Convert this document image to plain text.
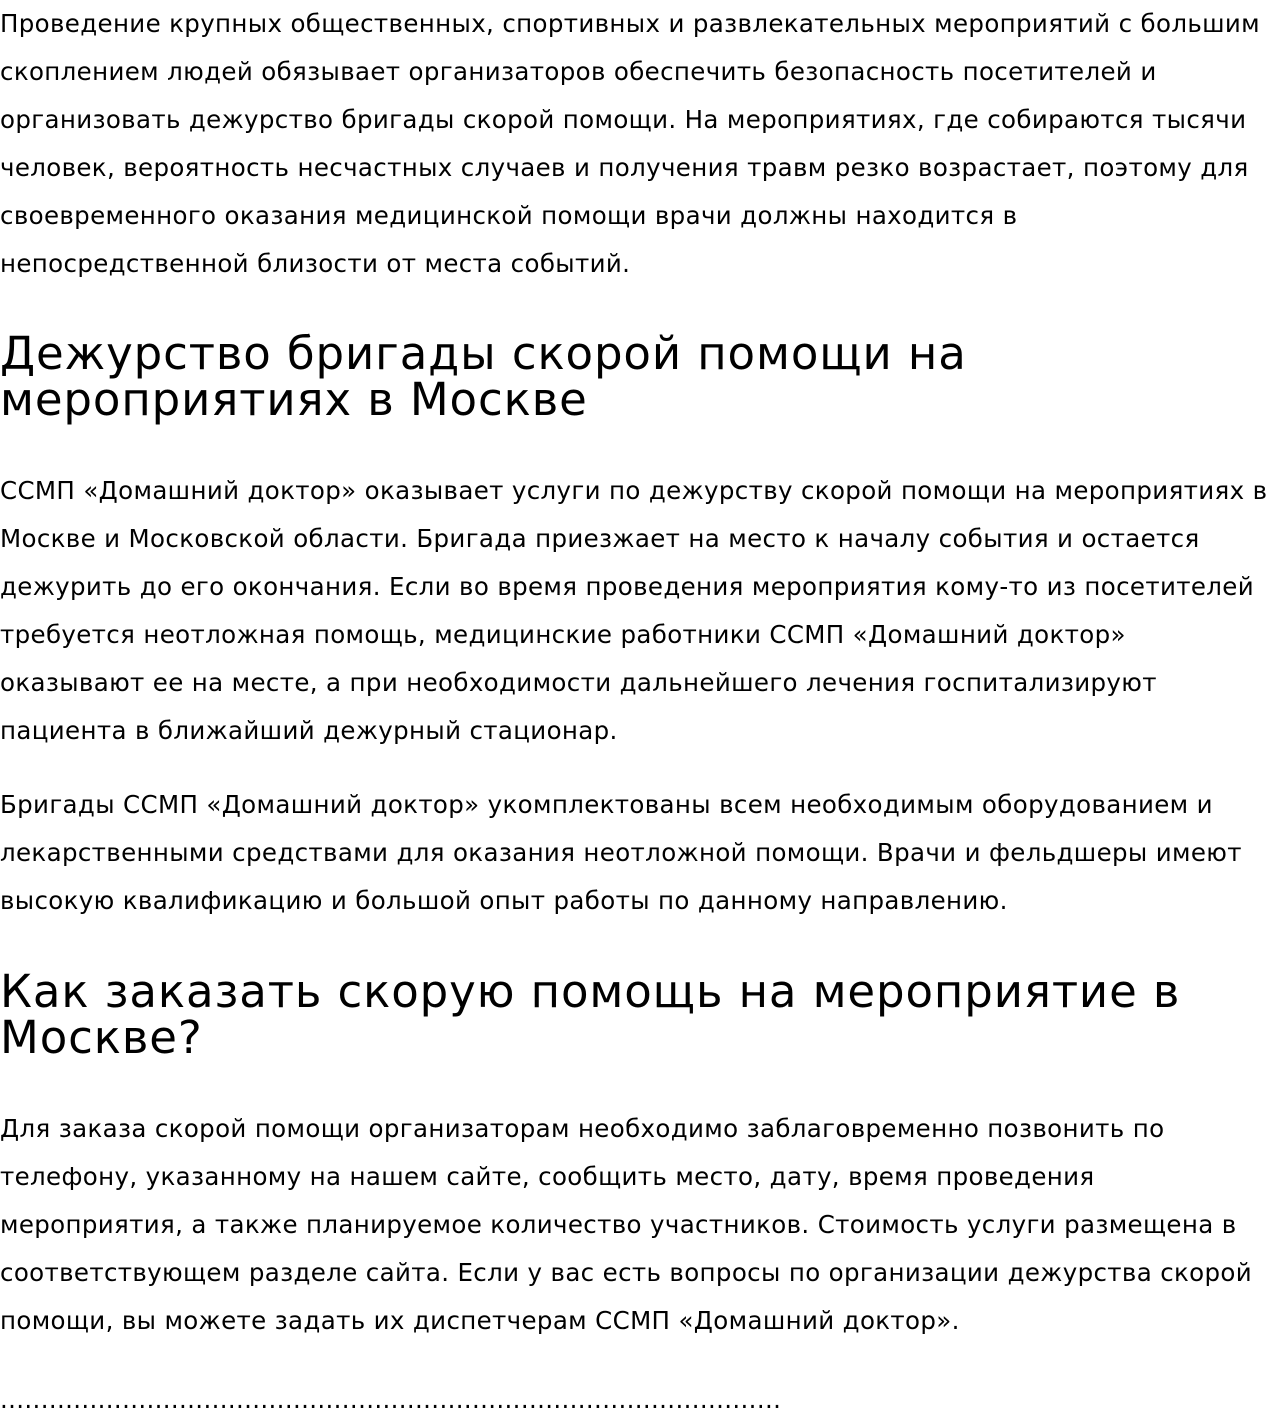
Проведение крупных общественных, спортивных и развлекательных мероприятий с большим скоплением людей обязывает организаторов обеспечить безопасность посетителей и организовать дежурство бригады скорой помощи. На мероприятиях, где собираются тысячи человек, вероятность несчастных случаев и получения травм резко возрастает, поэтому для своевременного оказания медицинской помощи врачи должны находится в непосредственной близости от места событий.

Дежурство бригады скорой помощи на мероприятиях в Москве

ССМП «Домашний доктор» оказывает услуги по дежурству скорой помощи на мероприятиях в Москве и Московской области. Бригада приезжает на место к началу события и остается дежурить до его окончания. Если во время проведения мероприятия кому-то из посетителей требуется неотложная помощь, медицинские работники ССМП «Домашний доктор» оказывают ее на месте, а при необходимости дальнейшего лечения госпитализируют пациента в ближайший дежурный стационар.

Бригады ССМП «Домашний доктор» укомплектованы всем необходимым оборудованием и лекарственными средствами для оказания неотложной помощи. Врачи и фельдшеры имеют высокую квалификацию и большой опыт работы по данному направлению.

Как заказать скорую помощь на мероприятие в Москве?

Для заказа скорой помощи организаторам необходимо заблаговременно позвонить по телефону, указанному на нашем сайте, сообщить место, дату, время проведения мероприятия, а также планируемое количество участников. Стоимость услуги размещена в соответствующем разделе сайта. Если у вас есть вопросы по организации дежурства скорой помощи, вы можете задать их диспетчерам ССМП «Домашний доктор».

................................................................................................
